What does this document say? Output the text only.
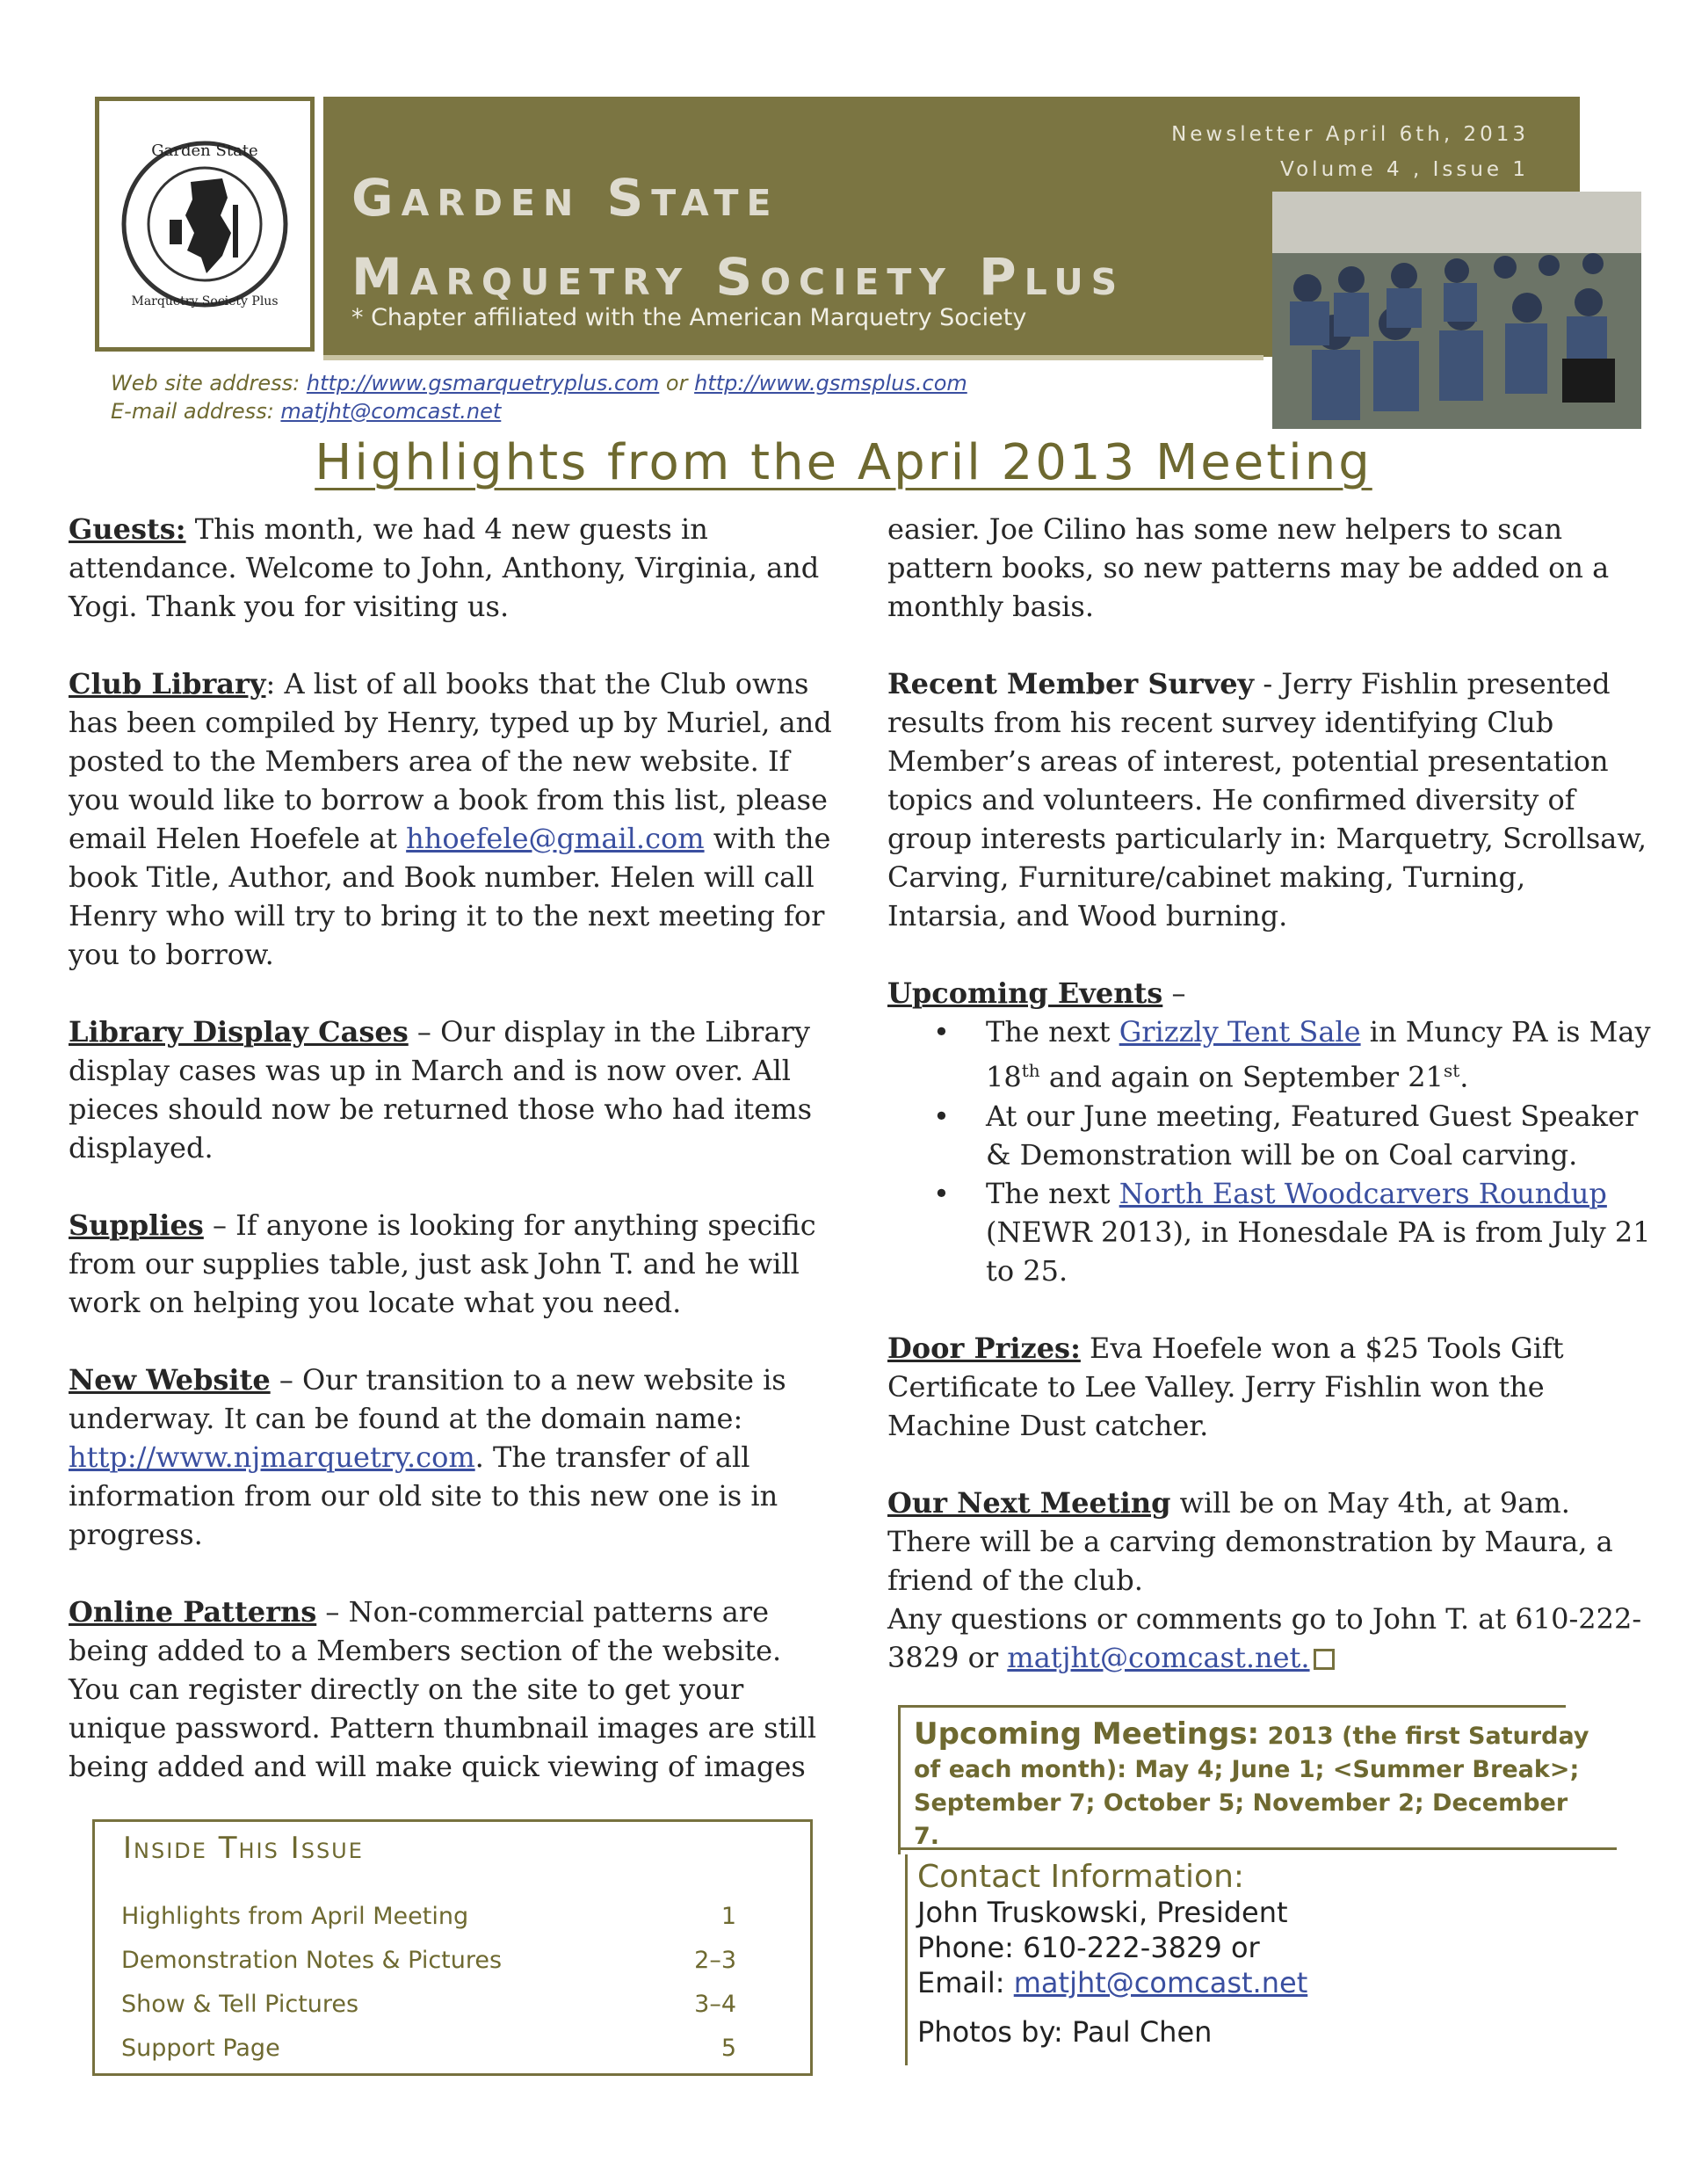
Garden State
Marquetry Society Plus
Garden State
Marquetry Society Plus
* Chapter affiliated with the American Marquetry Society
Newsletter April 6th, 2013
Volume 4 , Issue 1
Web site address: http://www.gsmarquetryplus.com or http://www.gsmsplus.com
E-mail address: matjht@comcast.net
Highlights from the April 2013 Meeting

Guests: This month, we had 4 new guests in attendance. Welcome to John, Anthony, Virginia, and Yogi. Thank you for visiting us.

Club Library: A list of all books that the Club owns has been compiled by Henry, typed up by Muriel, and posted to the Members area of the new website. If you would like to borrow a book from this list, please email Helen Hoefele at hhoefele@gmail.com with the book Title, Author, and Book number. Helen will call Henry who will try to bring it to the next meeting for you to borrow.

Library Display Cases – Our display in the Library display cases was up in March and is now over. All pieces should now be returned those who had items displayed.

Supplies – If anyone is looking for anything specific from our supplies table, just ask John T. and he will work on helping you locate what you need.

New Website – Our transition to a new website is underway. It can be found at the domain name: http://www.njmarquetry.com. The transfer of all information from our old site to this new one is in progress.

Online Patterns – Non-commercial patterns are being added to a Members section of the website. You can register directly on the site to get your unique password. Pattern thumbnail images are still being added and will make quick viewing of images

easier. Joe Cilino has some new helpers to scan pattern books, so new patterns may be added on a monthly basis.

Recent Member Survey - Jerry Fishlin presented results from his recent survey identifying Club Member’s areas of interest, potential presentation topics and volunteers. He confirmed diversity of group interests particularly in: Marquetry, Scrollsaw, Carving, Furniture/cabinet making, Turning, Intarsia, and Wood burning.

Upcoming Events –
• The next Grizzly Tent Sale in Muncy PA is May 18th and again on September 21st.
• At our June meeting, Featured Guest Speaker & Demonstration will be on Coal carving.
• The next North East Woodcarvers Roundup (NEWR 2013), in Honesdale PA is from July 21 to 25.

Door Prizes: Eva Hoefele won a $25 Tools Gift Certificate to Lee Valley. Jerry Fishlin won the Machine Dust catcher.

Our Next Meeting will be on May 4th, at 9am. There will be a carving demonstration by Maura, a friend of the club.

Any questions or comments go to John T. at 610-222-3829 or matjht@comcast.net.

Inside This Issue
Highlights from April Meeting	1
Demonstration Notes & Pictures	2–3
Show & Tell Pictures	3–4
Support Page	5
Upcoming Meetings: 2013 (the first Saturday of each month): May 4; June 1; <Summer Break>; September 7; October 5; November 2; December 7.
Contact Information:
John Truskowski, President
Phone: 610-222-3829 or
Email: matjht@comcast.net
Photos by: Paul Chen
